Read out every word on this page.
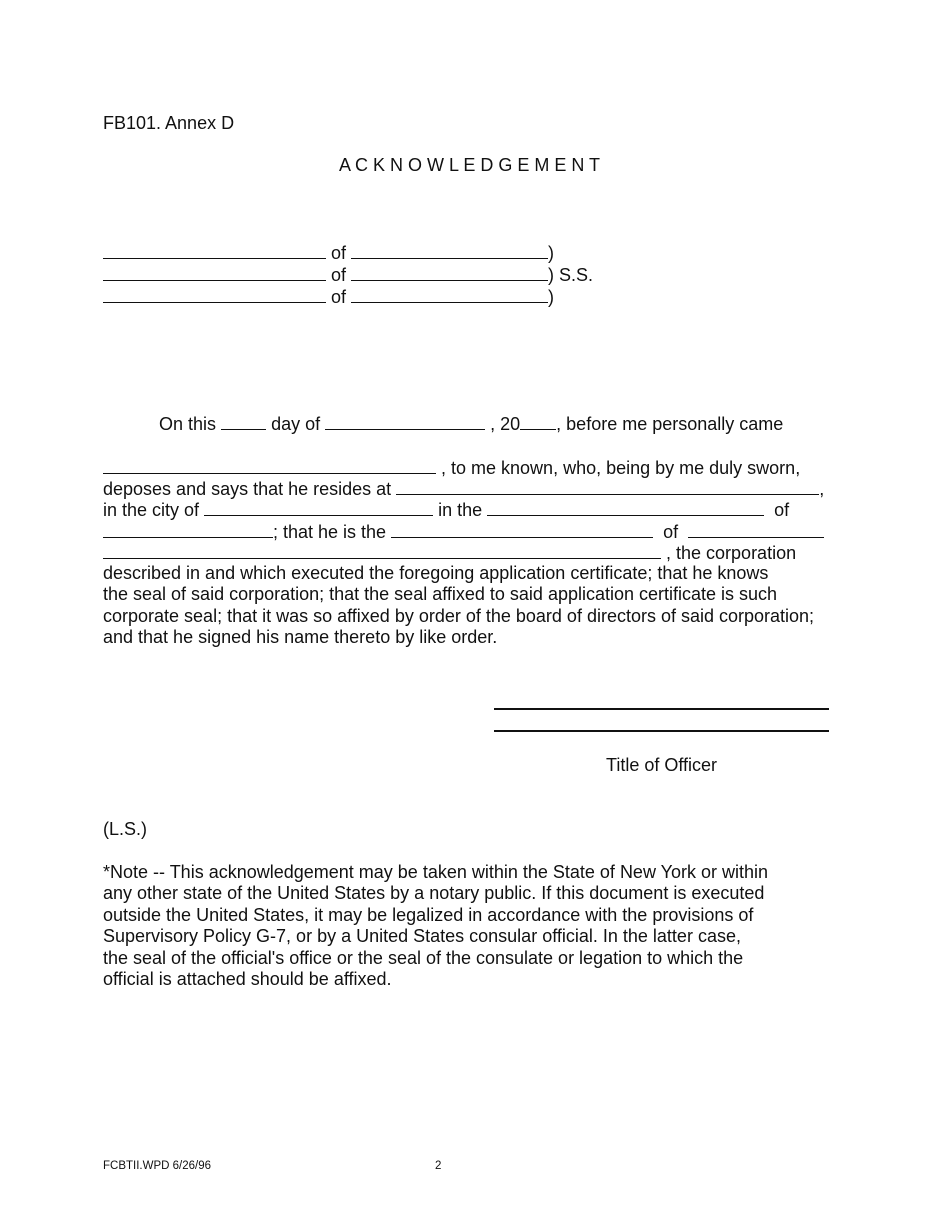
FB101. Annex D
A C K N O W L E D G E M E N T
of	)
of	) S.S.
of	)
On this	day of	, 20 , before me personally came
, to me known, who, being by me duly sworn,
deposes and says that he resides at	,
in the city of	in the	of
; that he is the	of
, the corporation
described in and which executed the foregoing application certificate; that he knows
the seal of said corporation; that the seal affixed to said application certificate is such
corporate seal; that it was so affixed by order of the board of directors of said corporation;
and that he signed his name thereto by like order.
Title of Officer
(L.S.)
*Note -- This acknowledgement may be taken within the State of New York or within
any other state of the United States by a notary public. If this document is executed
outside the United States, it may be legalized in accordance with the provisions of
Supervisory Policy G-7, or by a United States consular official. In the latter case,
the seal of the official's office or the seal of the consulate or legation to which the
official is attached should be affixed.
FCBTII.WPD 6/26/96	2
